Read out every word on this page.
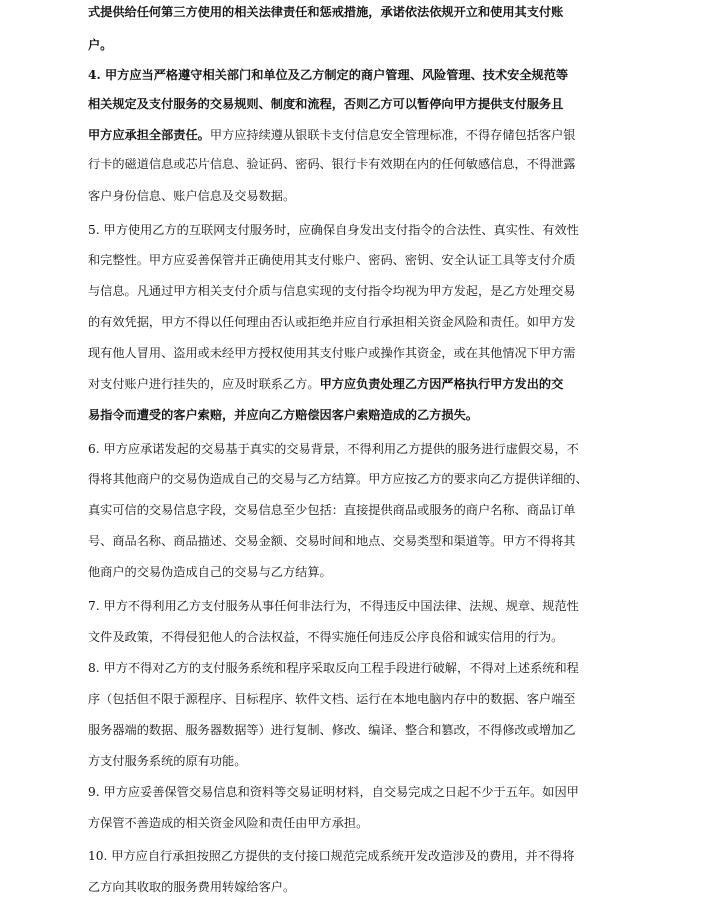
式提供给任何第三方使用的相关法律责任和惩戒措施，承诺依法依规开立和使用其支付账
户。
4. 甲方应当严格遵守相关部门和单位及乙方制定的商户管理、风险管理、技术安全规范等
相关规定及支付服务的交易规则、制度和流程，否则乙方可以暂停向甲方提供支付服务且
甲方应承担全部责任。甲方应持续遵从银联卡支付信息安全管理标准，不得存储包括客户银
行卡的磁道信息或芯片信息、验证码、密码、银行卡有效期在内的任何敏感信息，不得泄露
客户身份信息、账户信息及交易数据。
5. 甲方使用乙方的互联网支付服务时，应确保自身发出支付指令的合法性、真实性、有效性
和完整性。甲方应妥善保管并正确使用其支付账户、密码、密钥、安全认证工具等支付介质
与信息。凡通过甲方相关支付介质与信息实现的支付指令均视为甲方发起，是乙方处理交易
的有效凭据，甲方不得以任何理由否认或拒绝并应自行承担相关资金风险和责任。如甲方发
现有他人冒用、盗用或未经甲方授权使用其支付账户或操作其资金，或在其他情况下甲方需
对支付账户进行挂失的，应及时联系乙方。甲方应负责处理乙方因严格执行甲方发出的交
易指令而遭受的客户索赔，并应向乙方赔偿因客户索赔造成的乙方损失。
6. 甲方应承诺发起的交易基于真实的交易背景，不得利用乙方提供的服务进行虚假交易，不
得将其他商户的交易伪造成自己的交易与乙方结算。甲方应按乙方的要求向乙方提供详细的、
真实可信的交易信息字段，交易信息至少包括：直接提供商品或服务的商户名称、商品订单
号、商品名称、商品描述、交易金额、交易时间和地点、交易类型和渠道等。甲方不得将其
他商户的交易伪造成自己的交易与乙方结算。
7. 甲方不得利用乙方支付服务从事任何非法行为，不得违反中国法律、法规、规章、规范性
文件及政策，不得侵犯他人的合法权益，不得实施任何违反公序良俗和诚实信用的行为。
8. 甲方不得对乙方的支付服务系统和程序采取反向工程手段进行破解，不得对上述系统和程
序（包括但不限于源程序、目标程序、软件文档、运行在本地电脑内存中的数据、客户端至
服务器端的数据、服务器数据等）进行复制、修改、编译、整合和篡改，不得修改或增加乙
方支付服务系统的原有功能。
9. 甲方应妥善保管交易信息和资料等交易证明材料，自交易完成之日起不少于五年。如因甲
方保管不善造成的相关资金风险和责任由甲方承担。
10. 甲方应自行承担按照乙方提供的支付接口规范完成系统开发改造涉及的费用，并不得将
乙方向其收取的服务费用转嫁给客户。
